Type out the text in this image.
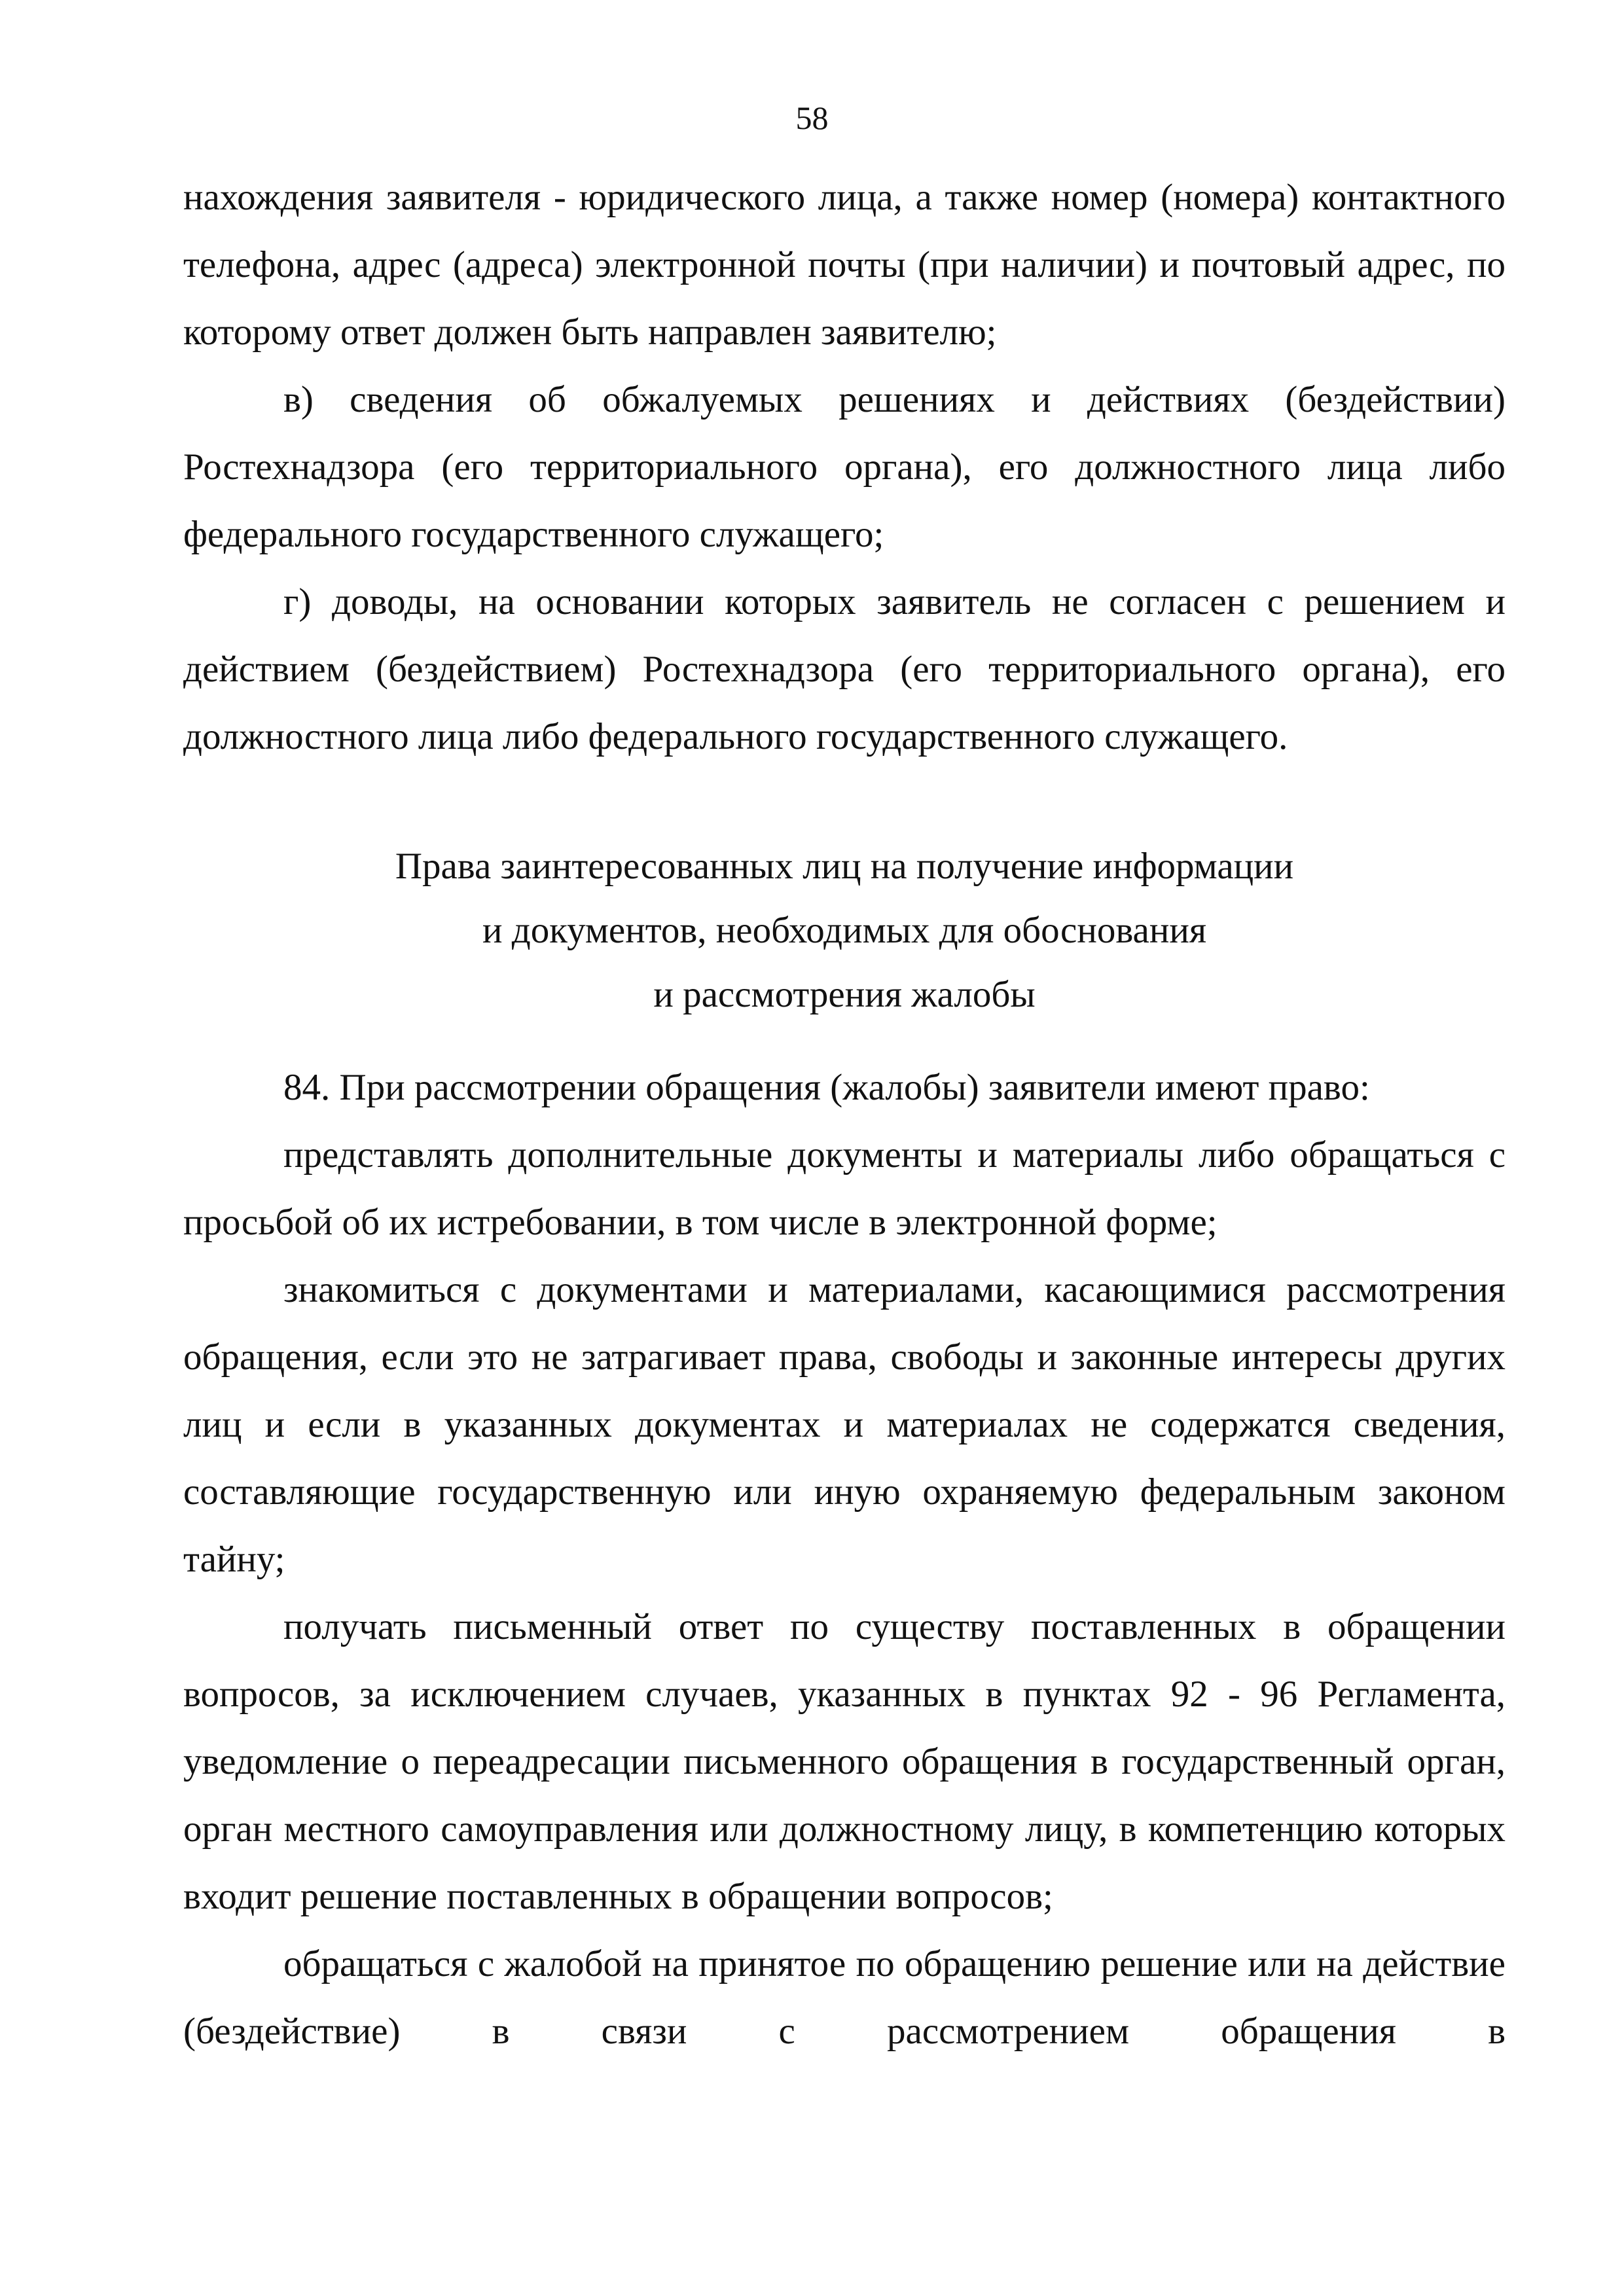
58

нахождения заявителя - юридического лица, а также номер (номера) контактного телефона, адрес (адреса) электронной почты (при наличии) и почтовый адрес, по которому ответ должен быть направлен заявителю;

в) сведения об обжалуемых решениях и действиях (бездействии) Ростехнадзора (его территориального органа), его должностного лица либо федерального государственного служащего;

г) доводы, на основании которых заявитель не согласен с решением и действием (бездействием) Ростехнадзора (его территориального органа), его должностного лица либо федерального государственного служащего.

Права заинтересованных лиц на получение информации
и документов, необходимых для обоснования
и рассмотрения жалобы

84. При рассмотрении обращения (жалобы) заявители имеют право:

представлять дополнительные документы и материалы либо обращаться с просьбой об их истребовании, в том числе в электронной форме;

знакомиться с документами и материалами, касающимися рассмотрения обращения, если это не затрагивает права, свободы и законные интересы других лиц и если в указанных документах и материалах не содержатся сведения, составляющие государственную или иную охраняемую федеральным законом тайну;

получать письменный ответ по существу поставленных в обращении вопросов, за исключением случаев, указанных в пунктах 92 - 96 Регламента, уведомление о переадресации письменного обращения в государственный орган, орган местного самоуправления или должностному лицу, в компетенцию которых входит решение поставленных в обращении вопросов;

обращаться с жалобой на принятое по обращению решение или на действие (бездействие) в связи с рассмотрением обращения в
